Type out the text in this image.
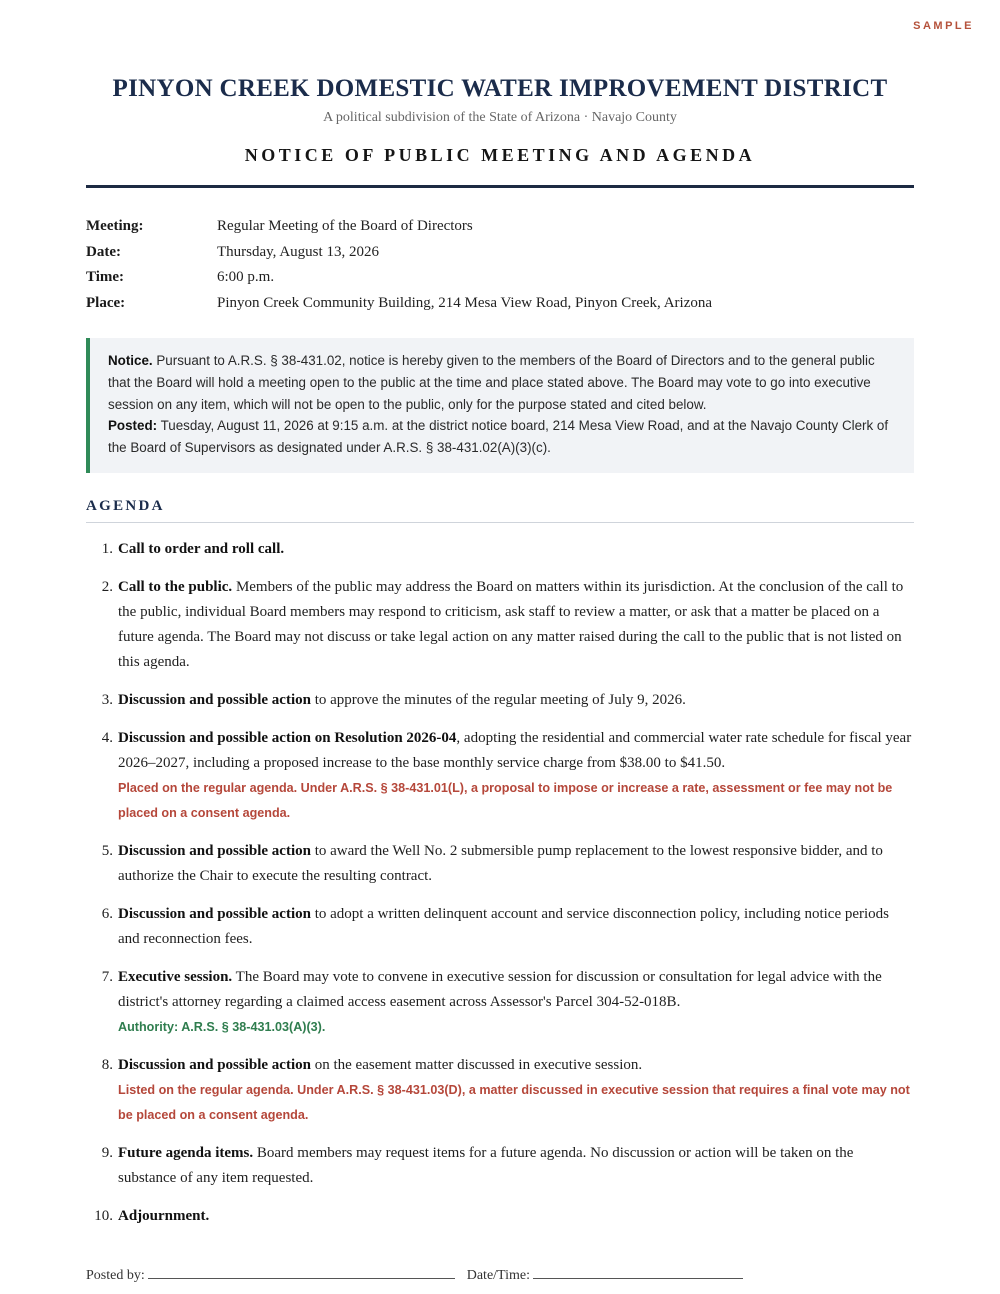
SAMPLE
PINYON CREEK DOMESTIC WATER IMPROVEMENT DISTRICT
A political subdivision of the State of Arizona · Navajo County
NOTICE OF PUBLIC MEETING AND AGENDA
Meeting:	Regular Meeting of the Board of Directors
Date:	Thursday, August 13, 2026
Time:	6:00 p.m.
Place:	Pinyon Creek Community Building, 214 Mesa View Road, Pinyon Creek, Arizona
Notice. Pursuant to A.R.S. § 38-431.02, notice is hereby given to the members of the Board of Directors and to the general public that the Board will hold a meeting open to the public at the time and place stated above. The Board may vote to go into executive session on any item, which will not be open to the public, only for the purpose stated and cited below.
Posted: Tuesday, August 11, 2026 at 9:15 a.m. at the district notice board, 214 Mesa View Road, and at the Navajo County Clerk of the Board of Supervisors as designated under A.R.S. § 38-431.02(A)(3)(c).
AGENDA
1. Call to order and roll call.
2. Call to the public. Members of the public may address the Board on matters within its jurisdiction. At the conclusion of the call to the public, individual Board members may respond to criticism, ask staff to review a matter, or ask that a matter be placed on a future agenda. The Board may not discuss or take legal action on any matter raised during the call to the public that is not listed on this agenda.
3. Discussion and possible action to approve the minutes of the regular meeting of July 9, 2026.
4. Discussion and possible action on Resolution 2026-04, adopting the residential and commercial water rate schedule for fiscal year 2026–2027, including a proposed increase to the base monthly service charge from $38.00 to $41.50.
Placed on the regular agenda. Under A.R.S. § 38-431.01(L), a proposal to impose or increase a rate, assessment or fee may not be placed on a consent agenda.
5. Discussion and possible action to award the Well No. 2 submersible pump replacement to the lowest responsive bidder, and to authorize the Chair to execute the resulting contract.
6. Discussion and possible action to adopt a written delinquent account and service disconnection policy, including notice periods and reconnection fees.
7. Executive session. The Board may vote to convene in executive session for discussion or consultation for legal advice with the district's attorney regarding a claimed access easement across Assessor's Parcel 304-52-018B.
Authority: A.R.S. § 38-431.03(A)(3).
8. Discussion and possible action on the easement matter discussed in executive session.
Listed on the regular agenda. Under A.R.S. § 38-431.03(D), a matter discussed in executive session that requires a final vote may not be placed on a consent agenda.
9. Future agenda items. Board members may request items for a future agenda. No discussion or action will be taken on the substance of any item requested.
10. Adjournment.
Posted by:	Date/Time:
